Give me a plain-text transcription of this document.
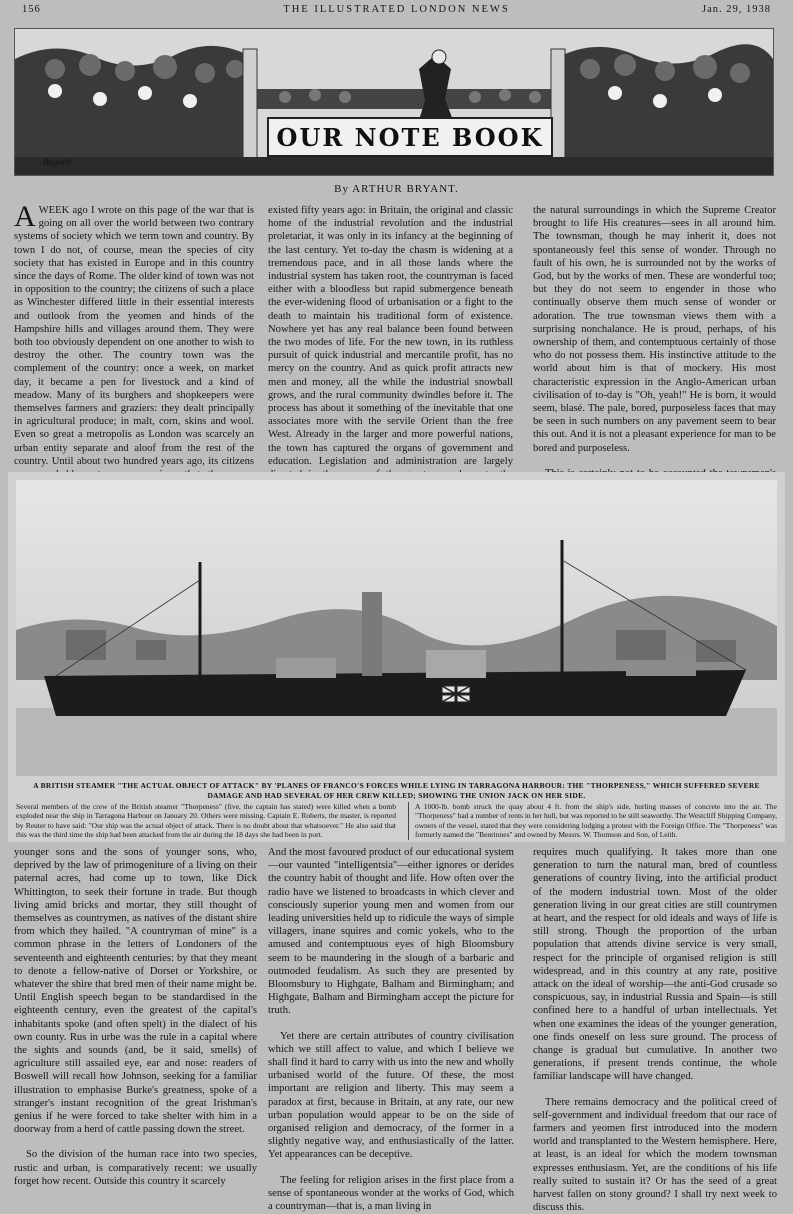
156	THE ILLUSTRATED LONDON NEWS	Jan. 29, 1938
OUR NOTE BOOK
Bagnell
By ARTHUR BRYANT.

A WEEK ago I wrote on this page of the war that is going on all over the world between two contrary systems of society which we term town and country. By town I do not, of course, mean the species of city society that has existed in Europe and in this country since the days of Rome. The older kind of town was not in opposition to the country; the citizens of such a place as Winchester differed little in their essential interests and outlook from the yeomen and hinds of the Hampshire hills and villages around them. They were both too obviously dependent on one another to wish to destroy the other. The country town was the complement of the country: once a week, on market day, it became a pen for livestock and a kind of meadow. Many of its burghers and shopkeepers were themselves farmers and graziers: they dealt principally in agricultural produce; in malt, corn, skins and wool. Even so great a metropolis as London was scarcely an urban entity separate and aloof from the rest of the country. Until about two hundred years ago, its citizens

existed fifty years ago: in Britain, the original and classic home of the industrial revolution and the industrial proletariat, it was only in its infancy at the beginning of the last century. Yet to-day the chasm is widening at a tremendous pace, and in all those lands where the industrial system has taken root, the countryman is faced either with a bloodless but rapid submergence beneath the ever-widening flood of urbanisation or a fight to the death to maintain his traditional form of existence. Nowhere yet has any real balance been found between the two modes of life. For the new town, in its ruthless pursuit of quick industrial and mercantile profit, has no mercy on the country. And as quick profit attracts new men and money, all the while the industrial snowball grows, and the rural community dwindles before it. The process has about it something of the inevitable that one associates more with the servile Orient than the free West. Already in the larger and more powerful nations, the town has captured the organs of government and education. Legislation and administration are largely

the natural surroundings in which the Supreme Creator brought to life His creatures—sees in all around him. The townsman, though he may inherit it, does not spontaneously feel this sense of wonder. Through no fault of his own, he is surrounded not by the works of God, but by the works of men. These are wonderful too; but they do not seem to engender in those who continually observe them much sense of wonder or adoration. The true townsman views them with a surprising nonchalance. He is proud, perhaps, of his ownership of them, and contemptuous certainly of those who do not possess them. His instinctive attitude to the world about him is that of mockery. His most characteristic expression in the Anglo-American urban civilisation of to-day is "Oh, yeah!" He is born, it would seem, blasé. The pale, bored, purposeless faces that may be seen in such numbers on any pavement seem to bear this out. And it is not a pleasant experience for man to be bored and purposeless.

A BRITISH STEAMER "THE ACTUAL OBJECT OF ATTACK" BY 'PLANES OF FRANCO'S FORCES WHILE LYING IN TARRAGONA HARBOUR: THE "THORPENESS," WHICH SUFFERED SEVERE DAMAGE AND HAD SEVERAL OF HER CREW KILLED; SHOWING THE UNION JACK ON HER SIDE.
Several members of the crew of the British steamer "Thorpeness" (five, the captain has stated) were killed when a bomb exploded near the ship in Tarragona Harbour on January 20. Others were missing. Captain E. Roberts, the master, is reported by Reuter to have said: "Our ship was the actual object of attack. There is no doubt about that whatsoever." He also said that this was the third time the ship had been attacked from the air during the 18 days she had been in port.
A 1000-lb. bomb struck the quay about 4 ft. from the ship's side, hurling masses of concrete into the air. The "Thorpeness" had a number of rents in her hull, but was reported to be still seaworthy. The Westcliff Shipping Company, owners of the vessel, stated that they were considering lodging a protest with the Foreign Office. The "Thorpeness" was formerly named the "Benrinnes" and owned by Messrs. W. Thomson and Son, of Leith.

younger sons and the sons of younger sons, who, deprived by the law of primogeniture of a living on their paternal acres, had come up to town, like Dick Whittington, to seek their fortune in trade. But though living amid bricks and mortar, they still thought of themselves as countrymen, as natives of the distant shire from which they hailed. "A countryman of mine" is a common phrase in the letters of Londoners of the seventeenth and eighteenth centuries: by that they meant to denote a fellow-native of Dorset or Yorkshire, or whatever the shire that bred men of their name might be. Until English speech began to be standardised in the eighteenth century, even the greatest of the capital's inhabitants spoke (and often spelt) in the dialect of his own county. Rus in urbe was the rule in a capital where the sights and sounds (and, be it said, smells) of agriculture still assailed eye, ear and nose: readers of Boswell will recall how Johnson, seeking for a familiar illustration to emphasise Burke's greatness, spoke of a stranger's instant recognition of the great Irishman's genius if he were forced to take shelter with him in a doorway from a herd of cattle passing down the street.

So the division of the human race into two species, rustic and urban, is comparatively recent: we usually forget how recent. Outside this country it scarcely

And the most favoured product of our educational system—our vaunted "intelligentsia"—either ignores or derides the country habit of thought and life. How often over the radio have we listened to broadcasts in which clever and consciously superior young men and women from our leading universities held up to ridicule the ways of simple villagers, inane squires and comic yokels, who to the amused and contemptuous eyes of high Bloomsbury seem to be maundering in the slough of a barbaric and outmoded feudalism. As such they are presented by Bloomsbury to Highgate, Balham and Birmingham; and Highgate, Balham and Birmingham accept the picture for truth.

Yet there are certain attributes of country civilisation which we still affect to value, and which I believe we shall find it hard to carry with us into the new and wholly urbanised world of the future. Of these, the most important are religion and liberty. This may seem a paradox at first, because in Britain, at any rate, our new urban population would appear to be on the side of organised religion and democracy, of the former in a slightly negative way, and enthusiastically of the latter. Yet appearances can be deceptive.

The feeling for religion arises in the first place from a sense of spontaneous wonder at the works of God, which a countryman—that is, a man living in

requires much qualifying. It takes more than one generation to turn the natural man, bred of countless generations of country living, into the artificial product of the modern industrial town. Most of the older generation living in our great cities are still countrymen at heart, and the respect for old ideals and ways of life is still strong. Though the proportion of the urban population that attends divine service is very small, respect for the principle of organised religion is still widespread, and in this country at any rate, positive attack on the ideal of worship—the anti-God crusade so conspicuous, say, in industrial Russia and Spain—is still confined here to a handful of urban intellectuals. Yet when one examines the ideas of the younger generation, one finds oneself on less sure ground. The process of change is gradual but cumulative. In another two generations, if present trends continue, the whole familiar landscape will have changed.

There remains democracy and the political creed of self-government and individual freedom that our race of farmers and yeomen first introduced into the modern world and transplanted to the Western hemisphere. Here, at least, is an ideal for which the modern townsman expresses enthusiasm. Yet, are the conditions of his life really suited to sustain it? Or has the seed of a great harvest fallen on stony ground? I shall try next week to discuss this.
